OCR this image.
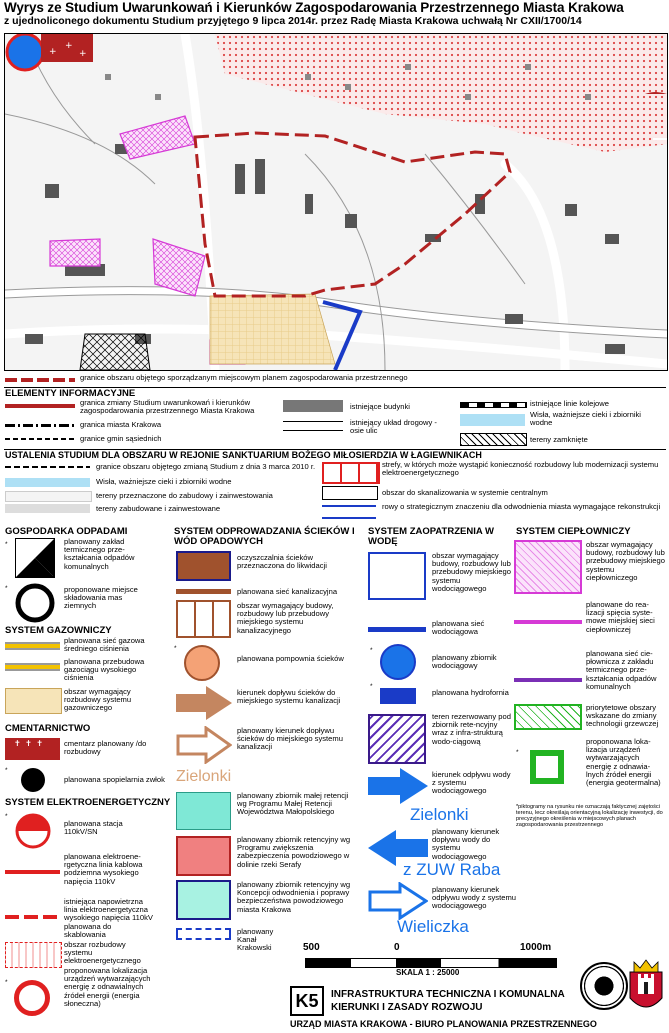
Wyrys ze Studium Uwarunkowań i Kierunków Zagospodarowania Przestrzennego Miasta Krakowa
z ujednoliconego dokumentu Studium przyjętego 9 lipca 2014r. przez Radę Miasta Krakowa uchwałą Nr CXII/1700/14
+
+
+
granice obszaru objętego sporządzanym miejscowym planem zagospodarowania przestrzennego
ELEMENTY INFORMACYJNE
granica zmiany Studium uwarunkowań i kierunków zagospodarowania przestrzennego Miasta Krakowa
granica miasta Krakowa
granice gmin sąsiednich
istniejące budynki
istniejący układ drogowy - osie ulic
istniejące linie kolejowe
Wisła, ważniejsze cieki i zbiorniki wodne
tereny zamknięte
USTALENIA STUDIUM DLA OBSZARU W REJONIE SANKTUARIUM BOŻEGO MIŁOSIERDZIA W ŁAGIEWNIKACH
granice obszaru objętego zmianą Studium z dnia 3 marca 2010 r.
Wisła, ważniejsze cieki i zbiorniki wodne
tereny przeznaczone do zabudowy i zainwestowania
tereny zabudowane i zainwestowane
strefy, w których może wystąpić konieczność rozbudowy lub modernizacji systemu elektroenergetycznego
obszar do skanalizowania w systemie centralnym
rowy o strategicznym znaczeniu dla odwodnienia miasta wymagające rekonstrukcji
GOSPODARKA ODPADAMI
*	planowany zakład termicznego prze-kształcania odpadów komunalnych
*	proponowane miejsce składowania mas ziemnych
SYSTEM GAZOWNICZY
planowana sieć gazowa średniego ciśnienia
planowana przebudowa gazociągu wysokiego ciśnienia
obszar wymagający rozbudowy systemu gazowniczego
CMENTARNICTWO
✝  ✝  ✝	cmentarz planowany /do rozbudowy
*
planowana spopielarnia zwłok
SYSTEM ELEKTROENERGETYCZNY
*
planowana stacja 110kV/SN
planowana elektroene-rgetyczna linia kablowa podziemna wysokiego napięcia 110kV
istniejąca napowietrzna linia elektroenergetyczna wysokiego napięcia 110kV planowana do skablowania
obszar rozbudowy systemu elektroenergetycznego
*
proponowana lokalizacja urządzeń wytwarzających energię z odnawialnych źródeł energii (energia słoneczna)
SYSTEM ODPROWADZANIA ŚCIEKÓW I WÓD OPADOWYCH
oczyszczalnia ścieków przeznaczona do likwidacji
planowana sieć kanalizacyjna
obszar wymagający budowy, rozbudowy lub przebudowy miejskiego systemu kanalizacyjnego
*
planowana pompownia ścieków
kierunek dopływu ścieków do miejskiego systemu kanalizacji
planowany kierunek dopływu ścieków do miejskiego systemu kanalizacji
Zielonki
planowany zbiornik małej retencji wg Programu Małej Retencji Województwa Małopolskiego
planowany zbiornik retencyjny wg Programu zwiększenia zabezpieczenia powodziowego w dolinie rzeki Serafy
planowany zbiornik retencyjny wg Koncepcji odwodnienia i poprawy bezpieczeństwa powodziowego miasta Krakowa
planowany Kanał Krakowski
SYSTEM ZAOPATRZENIA W WODĘ
obszar wymagający budowy, rozbudowy lub przebudowy miejskiego systemu wodociągowego
planowana sieć wodociągowa
*
planowany zbiornik wodociągowy
*
planowana hydrofornia
teren rezerwowany pod zbiornik rete-ncyjny wraz z infra-strukturą wodo-ciągową
kierunek odpływu wody z systemu wodociągowego
Zielonki
planowany kierunek dopływu wody do systemu wodociągowego
z ZUW Raba
planowany kierunek odpływu wody z systemu wodociągowego
Wieliczka
SYSTEM CIEPŁOWNICZY
obszar wymagający budowy, rozbudowy lub przebudowy miejskiego systemu ciepłowniczego
planowane do rea-lizacji spięcia syste-mowe miejskiej sieci ciepłowniczej
planowana sieć cie-płownicza z zakładu termicznego prze-kształcania odpadów komunalnych
priorytetowe obszary wskazane do zmiany technologii grzewczej
*
proponowana loka-lizacja urządzeń wytwarzających energię z odnawia-lnych źródeł energii (energia geotermalna)
*piktogramy na rysunku nie oznaczają faktycznej zajętości terenu, lecz określają orientacyjną lokalizację inwestycji, do precyzyjnego określenia w miejscowych planach zagospodarowania przestrzennego
500	0	1000m
SKALA 1 : 25000
K5	INFRASTRUKTURA TECHNICZNA I KOMUNALNA
KIERUNKI I ZASADY ROZWOJU
URZĄD MIASTA KRAKOWA - BIURO PLANOWANIA PRZESTRZENNEGO
